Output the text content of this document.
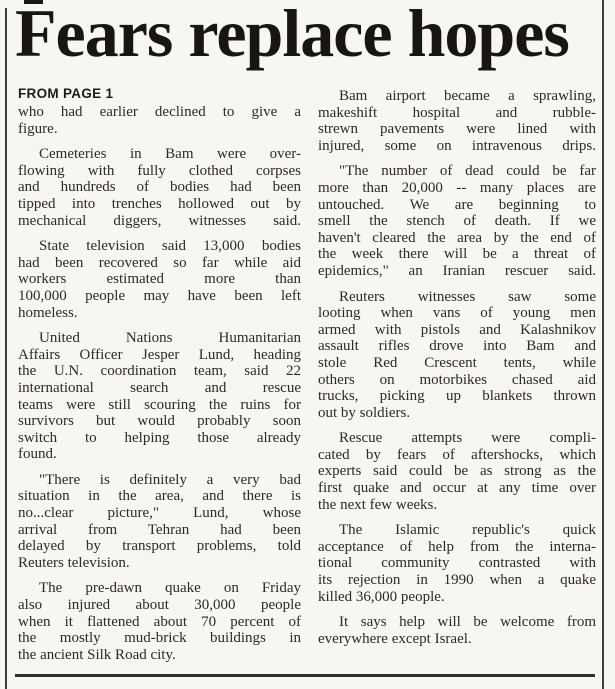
Fears replace hopes
FROM PAGE 1
who had earlier declined to give a
figure.
Cemeteries in Bam were over-
flowing with fully clothed corpses
and hundreds of bodies had been
tipped into trenches hollowed out by
mechanical diggers, witnesses said.
State television said 13,000 bodies
had been recovered so far while aid
workers estimated more than
100,000 people may have been left
homeless.
United Nations Humanitarian
Affairs Officer Jesper Lund, heading
the U.N. coordination team, said 22
international search and rescue
teams were still scouring the ruins for
survivors but would probably soon
switch to helping those already
found.
"There is definitely a very bad
situation in the area, and there is
no...clear picture," Lund, whose
arrival from Tehran had been
delayed by transport problems, told
Reuters television.
The pre-dawn quake on Friday
also injured about 30,000 people
when it flattened about 70 percent of
the mostly mud-brick buildings in
the ancient Silk Road city.
Bam airport became a sprawling,
makeshift hospital and rubble-
strewn pavements were lined with
injured, some on intravenous drips.
"The number of dead could be far
more than 20,000 -- many places are
untouched. We are beginning to
smell the stench of death. If we
haven't cleared the area by the end of
the week there will be a threat of
epidemics," an Iranian rescuer said.
Reuters witnesses saw some
looting when vans of young men
armed with pistols and Kalashnikov
assault rifles drove into Bam and
stole Red Crescent tents, while
others on motorbikes chased aid
trucks, picking up blankets thrown
out by soldiers.
Rescue attempts were compli-
cated by fears of aftershocks, which
experts said could be as strong as the
first quake and occur at any time over
the next few weeks.
The Islamic republic's quick
acceptance of help from the interna-
tional community contrasted with
its rejection in 1990 when a quake
killed 36,000 people.
It says help will be welcome from
everywhere except Israel.
